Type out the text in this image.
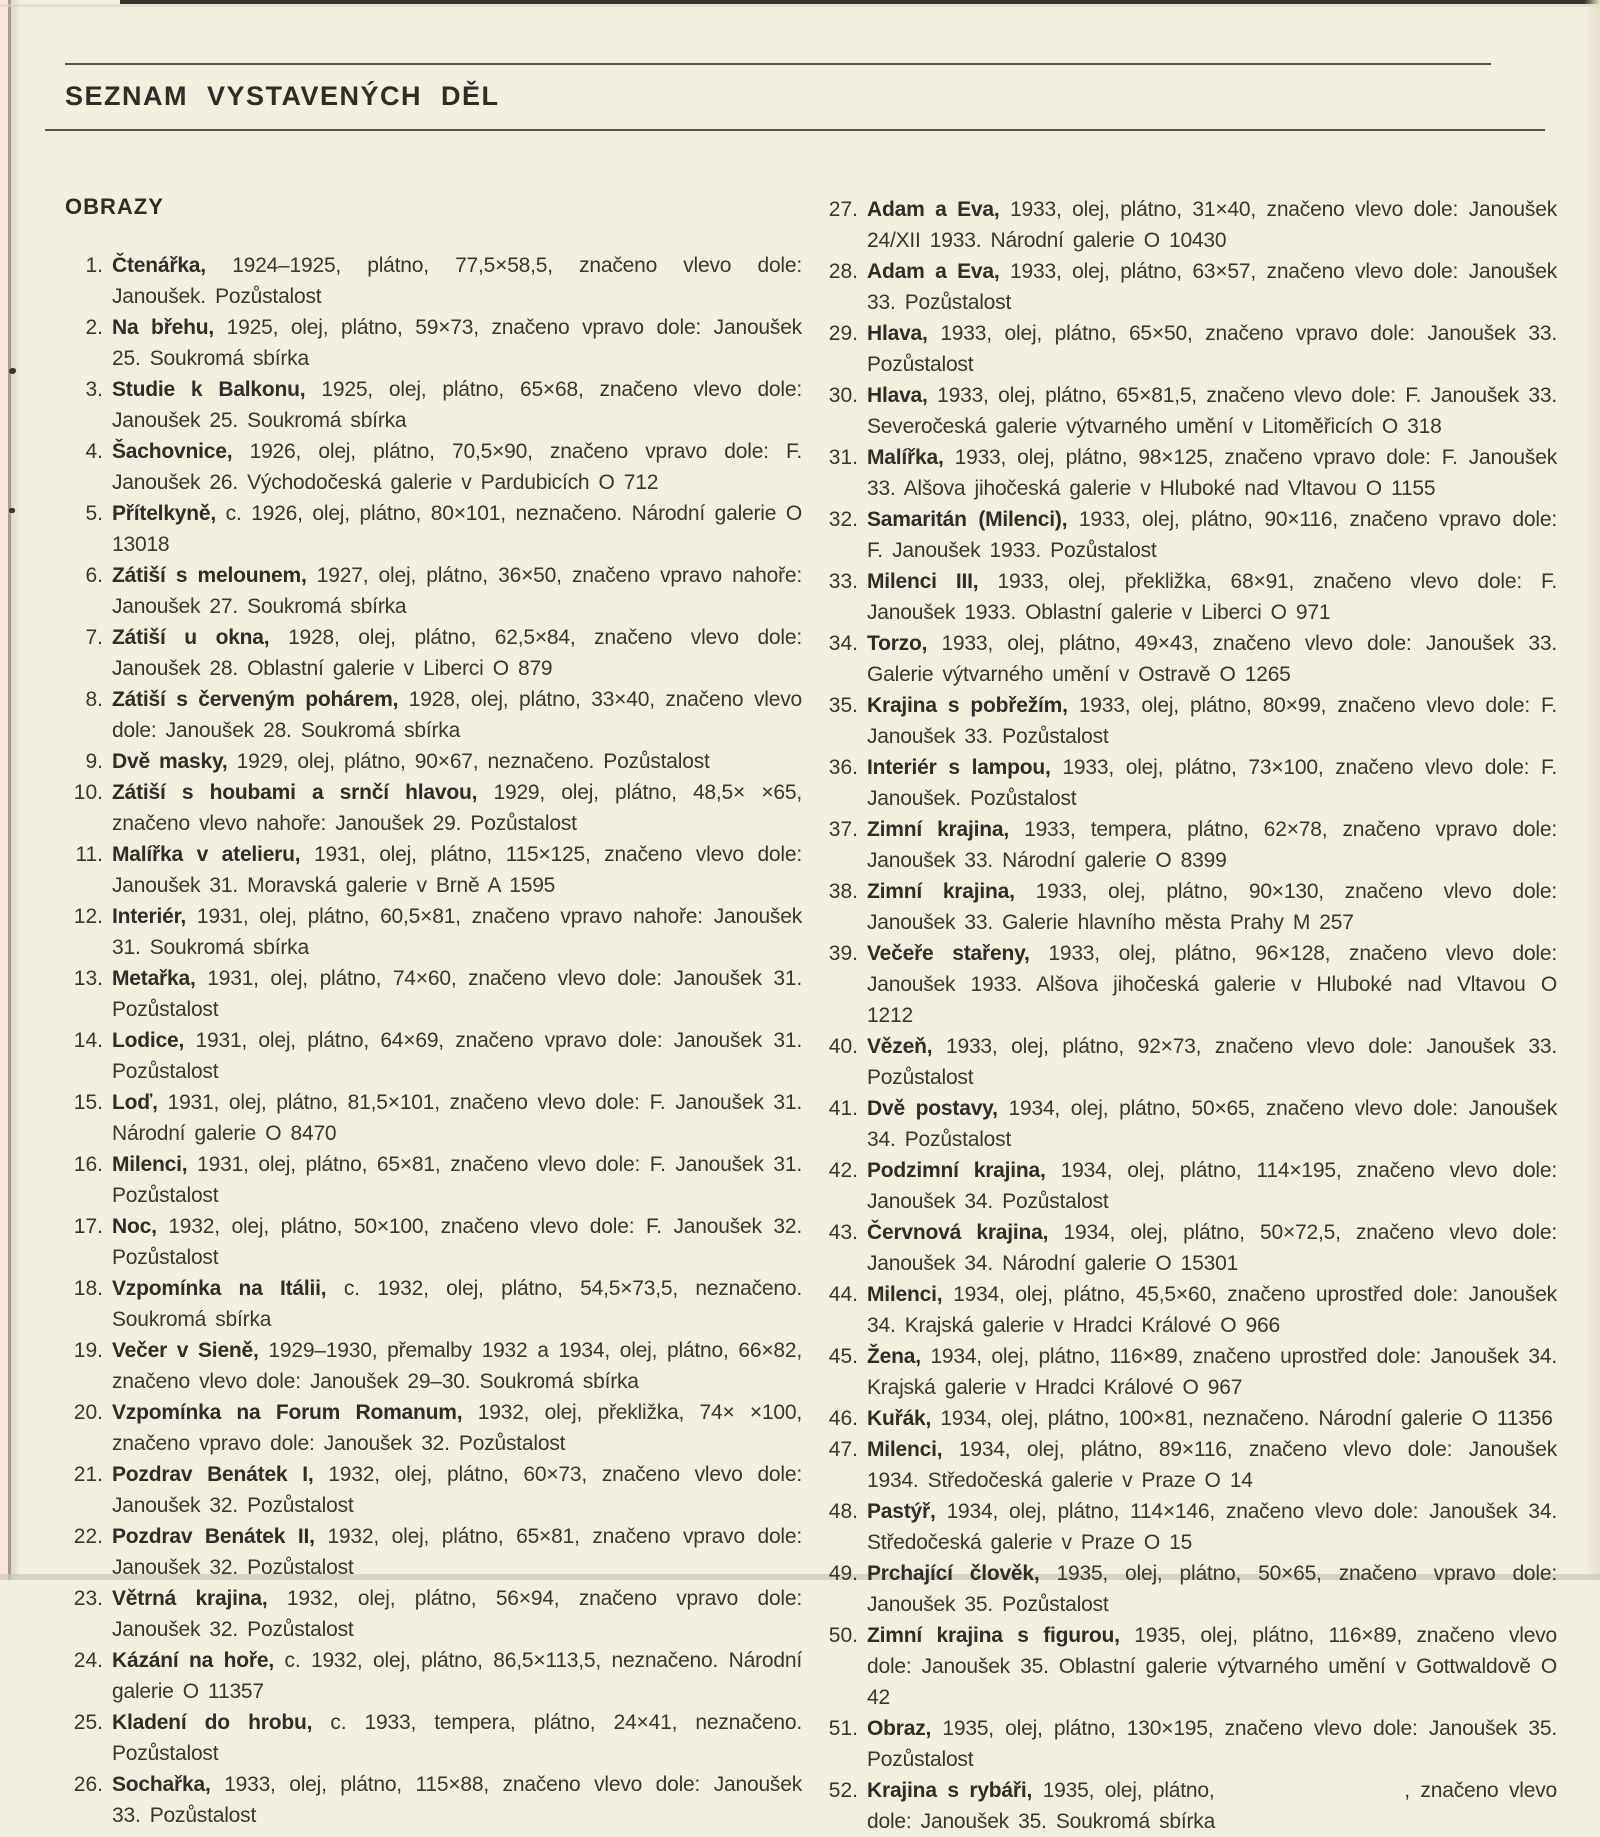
SEZNAM VYSTAVENÝCH DĚL
OBRAZY
1. Čtenářka, 1924–1925, plátno, 77,5×58,5, značeno vlevo dole: Janoušek. Pozůstalost
2. Na břehu, 1925, olej, plátno, 59×73, značeno vpravo dole: Janoušek 25. Soukromá sbírka
3. Studie k Balkonu, 1925, olej, plátno, 65×68, značeno vlevo dole: Janoušek 25. Soukromá sbírka
4. Šachovnice, 1926, olej, plátno, 70,5×90, značeno vpravo dole: F. Janoušek 26. Východočeská galerie v Pardubicích O 712
5. Přítelkyně, c. 1926, olej, plátno, 80×101, neznačeno. Národní galerie O 13018
6. Zátiší s melounem, 1927, olej, plátno, 36×50, značeno vpravo nahoře: Janoušek 27. Soukromá sbírka
7. Zátiší u okna, 1928, olej, plátno, 62,5×84, značeno vlevo dole: Janoušek 28. Oblastní galerie v Liberci O 879
8. Zátiší s červeným pohárem, 1928, olej, plátno, 33×40, značeno vlevo dole: Janoušek 28. Soukromá sbírka
9. Dvě masky, 1929, olej, plátno, 90×67, neznačeno. Pozůstalost
10. Zátiší s houbami a srnčí hlavou, 1929, olej, plátno, 48,5× ×65, značeno vlevo nahoře: Janoušek 29. Pozůstalost
11. Malířka v atelieru, 1931, olej, plátno, 115×125, značeno vlevo dole: Janoušek 31. Moravská galerie v Brně A 1595
12. Interiér, 1931, olej, plátno, 60,5×81, značeno vpravo nahoře: Janoušek 31. Soukromá sbírka
13. Metařka, 1931, olej, plátno, 74×60, značeno vlevo dole: Janoušek 31. Pozůstalost
14. Lodice, 1931, olej, plátno, 64×69, značeno vpravo dole: Janoušek 31. Pozůstalost
15. Loď, 1931, olej, plátno, 81,5×101, značeno vlevo dole: F. Janoušek 31. Národní galerie O 8470
16. Milenci, 1931, olej, plátno, 65×81, značeno vlevo dole: F. Janoušek 31. Pozůstalost
17. Noc, 1932, olej, plátno, 50×100, značeno vlevo dole: F. Janoušek 32. Pozůstalost
18. Vzpomínka na Itálii, c. 1932, olej, plátno, 54,5×73,5, neznačeno. Soukromá sbírka
19. Večer v Sieně, 1929–1930, přemalby 1932 a 1934, olej, plátno, 66×82, značeno vlevo dole: Janoušek 29–30. Soukromá sbírka
20. Vzpomínka na Forum Romanum, 1932, olej, překližka, 74× ×100, značeno vpravo dole: Janoušek 32. Pozůstalost
21. Pozdrav Benátek I, 1932, olej, plátno, 60×73, značeno vlevo dole: Janoušek 32. Pozůstalost
22. Pozdrav Benátek II, 1932, olej, plátno, 65×81, značeno vpravo dole: Janoušek 32. Pozůstalost
23. Větrná krajina, 1932, olej, plátno, 56×94, značeno vpravo dole: Janoušek 32. Pozůstalost
24. Kázání na hoře, c. 1932, olej, plátno, 86,5×113,5, neznačeno. Národní galerie O 11357
25. Kladení do hrobu, c. 1933, tempera, plátno, 24×41, neznačeno. Pozůstalost
26. Sochařka, 1933, olej, plátno, 115×88, značeno vlevo dole: Janoušek 33. Pozůstalost
27. Adam a Eva, 1933, olej, plátno, 31×40, značeno vlevo dole: Janoušek 24/XII 1933. Národní galerie O 10430
28. Adam a Eva, 1933, olej, plátno, 63×57, značeno vlevo dole: Janoušek 33. Pozůstalost
29. Hlava, 1933, olej, plátno, 65×50, značeno vpravo dole: Janoušek 33. Pozůstalost
30. Hlava, 1933, olej, plátno, 65×81,5, značeno vlevo dole: F. Janoušek 33. Severočeská galerie výtvarného umění v Litoměřicích O 318
31. Malířka, 1933, olej, plátno, 98×125, značeno vpravo dole: F. Janoušek 33. Alšova jihočeská galerie v Hluboké nad Vltavou O 1155
32. Samaritán (Milenci), 1933, olej, plátno, 90×116, značeno vpravo dole: F. Janoušek 1933. Pozůstalost
33. Milenci III, 1933, olej, překližka, 68×91, značeno vlevo dole: F. Janoušek 1933. Oblastní galerie v Liberci O 971
34. Torzo, 1933, olej, plátno, 49×43, značeno vlevo dole: Janoušek 33. Galerie výtvarného umění v Ostravě O 1265
35. Krajina s pobřežím, 1933, olej, plátno, 80×99, značeno vlevo dole: F. Janoušek 33. Pozůstalost
36. Interiér s lampou, 1933, olej, plátno, 73×100, značeno vlevo dole: F. Janoušek. Pozůstalost
37. Zimní krajina, 1933, tempera, plátno, 62×78, značeno vpravo dole: Janoušek 33. Národní galerie O 8399
38. Zimní krajina, 1933, olej, plátno, 90×130, značeno vlevo dole: Janoušek 33. Galerie hlavního města Prahy M 257
39. Večeře stařeny, 1933, olej, plátno, 96×128, značeno vlevo dole: Janoušek 1933. Alšova jihočeská galerie v Hluboké nad Vltavou O 1212
40. Vězeň, 1933, olej, plátno, 92×73, značeno vlevo dole: Janoušek 33. Pozůstalost
41. Dvě postavy, 1934, olej, plátno, 50×65, značeno vlevo dole: Janoušek 34. Pozůstalost
42. Podzimní krajina, 1934, olej, plátno, 114×195, značeno vlevo dole: Janoušek 34. Pozůstalost
43. Červnová krajina, 1934, olej, plátno, 50×72,5, značeno vlevo dole: Janoušek 34. Národní galerie O 15301
44. Milenci, 1934, olej, plátno, 45,5×60, značeno uprostřed dole: Janoušek 34. Krajská galerie v Hradci Králové O 966
45. Žena, 1934, olej, plátno, 116×89, značeno uprostřed dole: Janoušek 34. Krajská galerie v Hradci Králové O 967
46. Kuřák, 1934, olej, plátno, 100×81, neznačeno. Národní galerie O 11356
47. Milenci, 1934, olej, plátno, 89×116, značeno vlevo dole: Janoušek 1934. Středočeská galerie v Praze O 14
48. Pastýř, 1934, olej, plátno, 114×146, značeno vlevo dole: Janoušek 34. Středočeská galerie v Praze O 15
49. Prchající člověk, 1935, olej, plátno, 50×65, značeno vpravo dole: Janoušek 35. Pozůstalost
50. Zimní krajina s figurou, 1935, olej, plátno, 116×89, značeno vlevo dole: Janoušek 35. Oblastní galerie výtvarného umění v Gottwaldově O 42
51. Obraz, 1935, olej, plátno, 130×195, značeno vlevo dole: Janoušek 35. Pozůstalost
52. Krajina s rybáři, 1935, olej, plátno,                  , značeno vlevo dole: Janoušek 35. Soukromá sbírka
